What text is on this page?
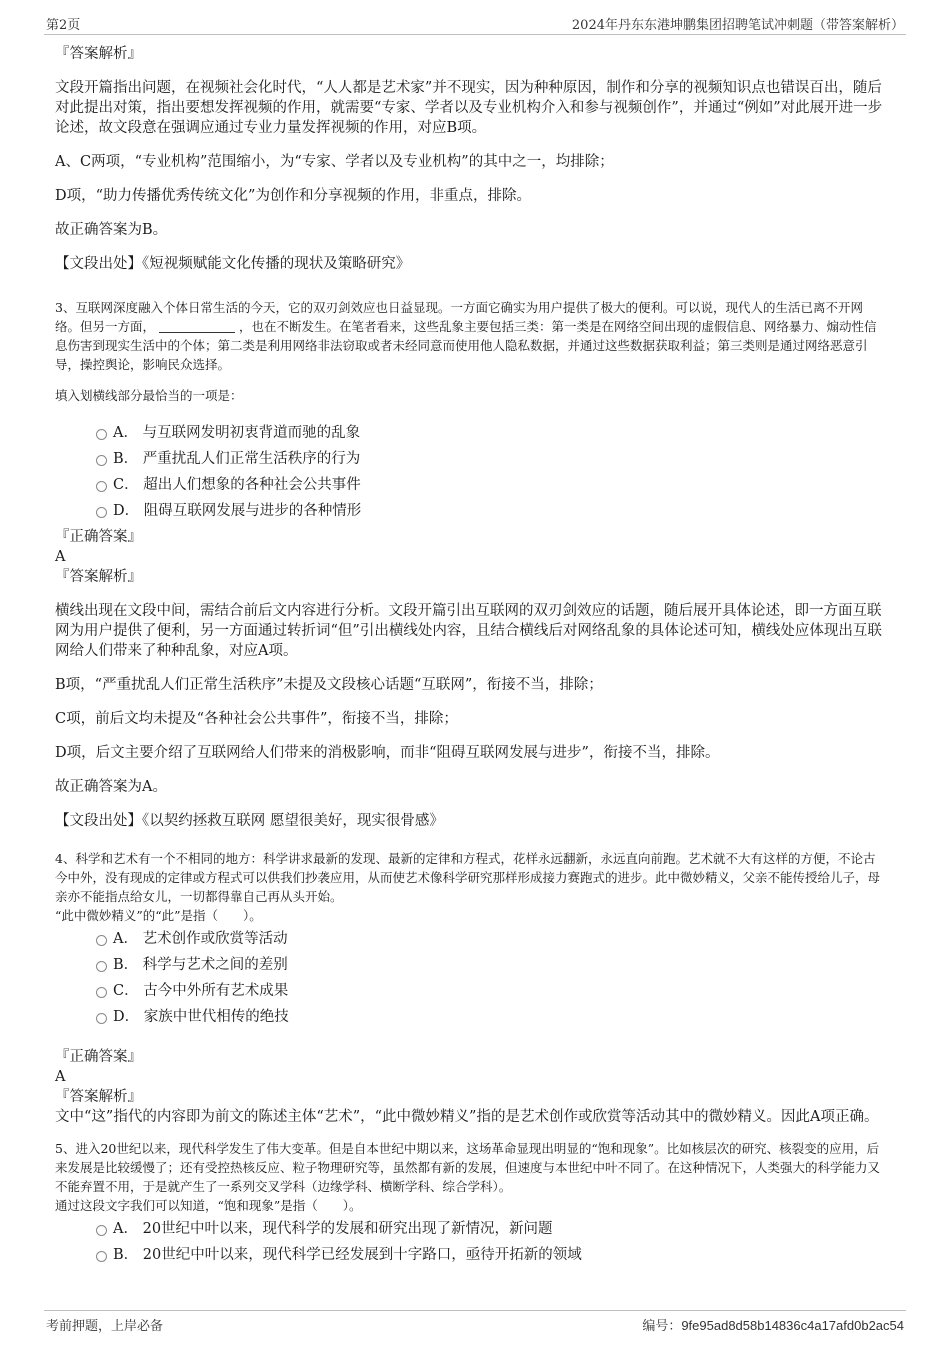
第2页	2024年丹东东港坤鹏集团招聘笔试冲刺题（带答案解析）
『答案解析』

文段开篇指出问题，在视频社会化时代，“人人都是艺术家”并不现实，因为种种原因，制作和分享的视频知识点也错误百出，随后对此提出对策，指出要想发挥视频的作用，就需要“专家、学者以及专业机构介入和参与视频创作”，并通过“例如”对此展开进一步论述，故文段意在强调应通过专业力量发挥视频的作用，对应B项。

A、C两项，“专业机构”范围缩小，为“专家、学者以及专业机构”的其中之一，均排除；

D项，“助力传播优秀传统文化”为创作和分享视频的作用，非重点，排除。

故正确答案为B。

【文段出处】《短视频赋能文化传播的现状及策略研究》

3、互联网深度融入个体日常生活的今天，它的双刃剑效应也日益显现。一方面它确实为用户提供了极大的便利。可以说，现代人的生活已离不开网络。但另一方面，	，也在不断发生。在笔者看来，这些乱象主要包括三类：第一类是在网络空间出现的虚假信息、网络暴力、煽动性信息伤害到现实生活中的个体；第二类是利用网络非法窃取或者未经同意而使用他人隐私数据，并通过这些数据获取利益；第三类则是通过网络恶意引导，操控舆论，影响民众选择。

填入划横线部分最恰当的一项是：

A． 与互联网发明初衷背道而驰的乱象
B． 严重扰乱人们正常生活秩序的行为
C． 超出人们想象的各种社会公共事件
D． 阻碍互联网发展与进步的各种情形
『正确答案』
A
『答案解析』

横线出现在文段中间，需结合前后文内容进行分析。文段开篇引出互联网的双刃剑效应的话题，随后展开具体论述，即一方面互联网为用户提供了便利，另一方面通过转折词“但”引出横线处内容，且结合横线后对网络乱象的具体论述可知，横线处应体现出互联网给人们带来了种种乱象，对应A项。

B项，“严重扰乱人们正常生活秩序”未提及文段核心话题“互联网”，衔接不当，排除；

C项，前后文均未提及“各种社会公共事件”，衔接不当，排除；

D项，后文主要介绍了互联网给人们带来的消极影响，而非“阻碍互联网发展与进步”，衔接不当，排除。

故正确答案为A。

【文段出处】《以契约拯救互联网 愿望很美好，现实很骨感》

4、科学和艺术有一个不相同的地方：科学讲求最新的发现、最新的定律和方程式，花样永远翻新，永远直向前跑。艺术就不大有这样的方便，不论古今中外，没有现成的定律或方程式可以供我们抄袭应用，从而使艺术像科学研究那样形成接力赛跑式的进步。此中微妙精义，父亲不能传授给儿子，母亲亦不能指点给女儿，一切都得靠自己再从头开始。

“此中微妙精义”的“此”是指（　　）。

A． 艺术创作或欣赏等活动
B． 科学与艺术之间的差别
C． 古今中外所有艺术成果
D． 家族中世代相传的绝技
『正确答案』
A
『答案解析』

文中“这”指代的内容即为前文的陈述主体“艺术”，“此中微妙精义”指的是艺术创作或欣赏等活动其中的微妙精义。因此A项正确。

5、进入20世纪以来，现代科学发生了伟大变革。但是自本世纪中期以来，这场革命显现出明显的“饱和现象”。比如核层次的研究、核裂变的应用，后来发展是比较缓慢了；还有受控热核反应、粒子物理研究等，虽然都有新的发展，但速度与本世纪中叶不同了。在这种情况下，人类强大的科学能力又不能弃置不用，于是就产生了一系列交叉学科（边缘学科、横断学科、综合学科）。

通过这段文字我们可以知道，“饱和现象”是指（　　）。

A． 20世纪中叶以来，现代科学的发展和研究出现了新情况，新问题
B． 20世纪中叶以来，现代科学已经发展到十字路口，亟待开拓新的领域
考前押题，上岸必备	编号：9fe95ad8d58b14836c4a17afd0b2ac54
